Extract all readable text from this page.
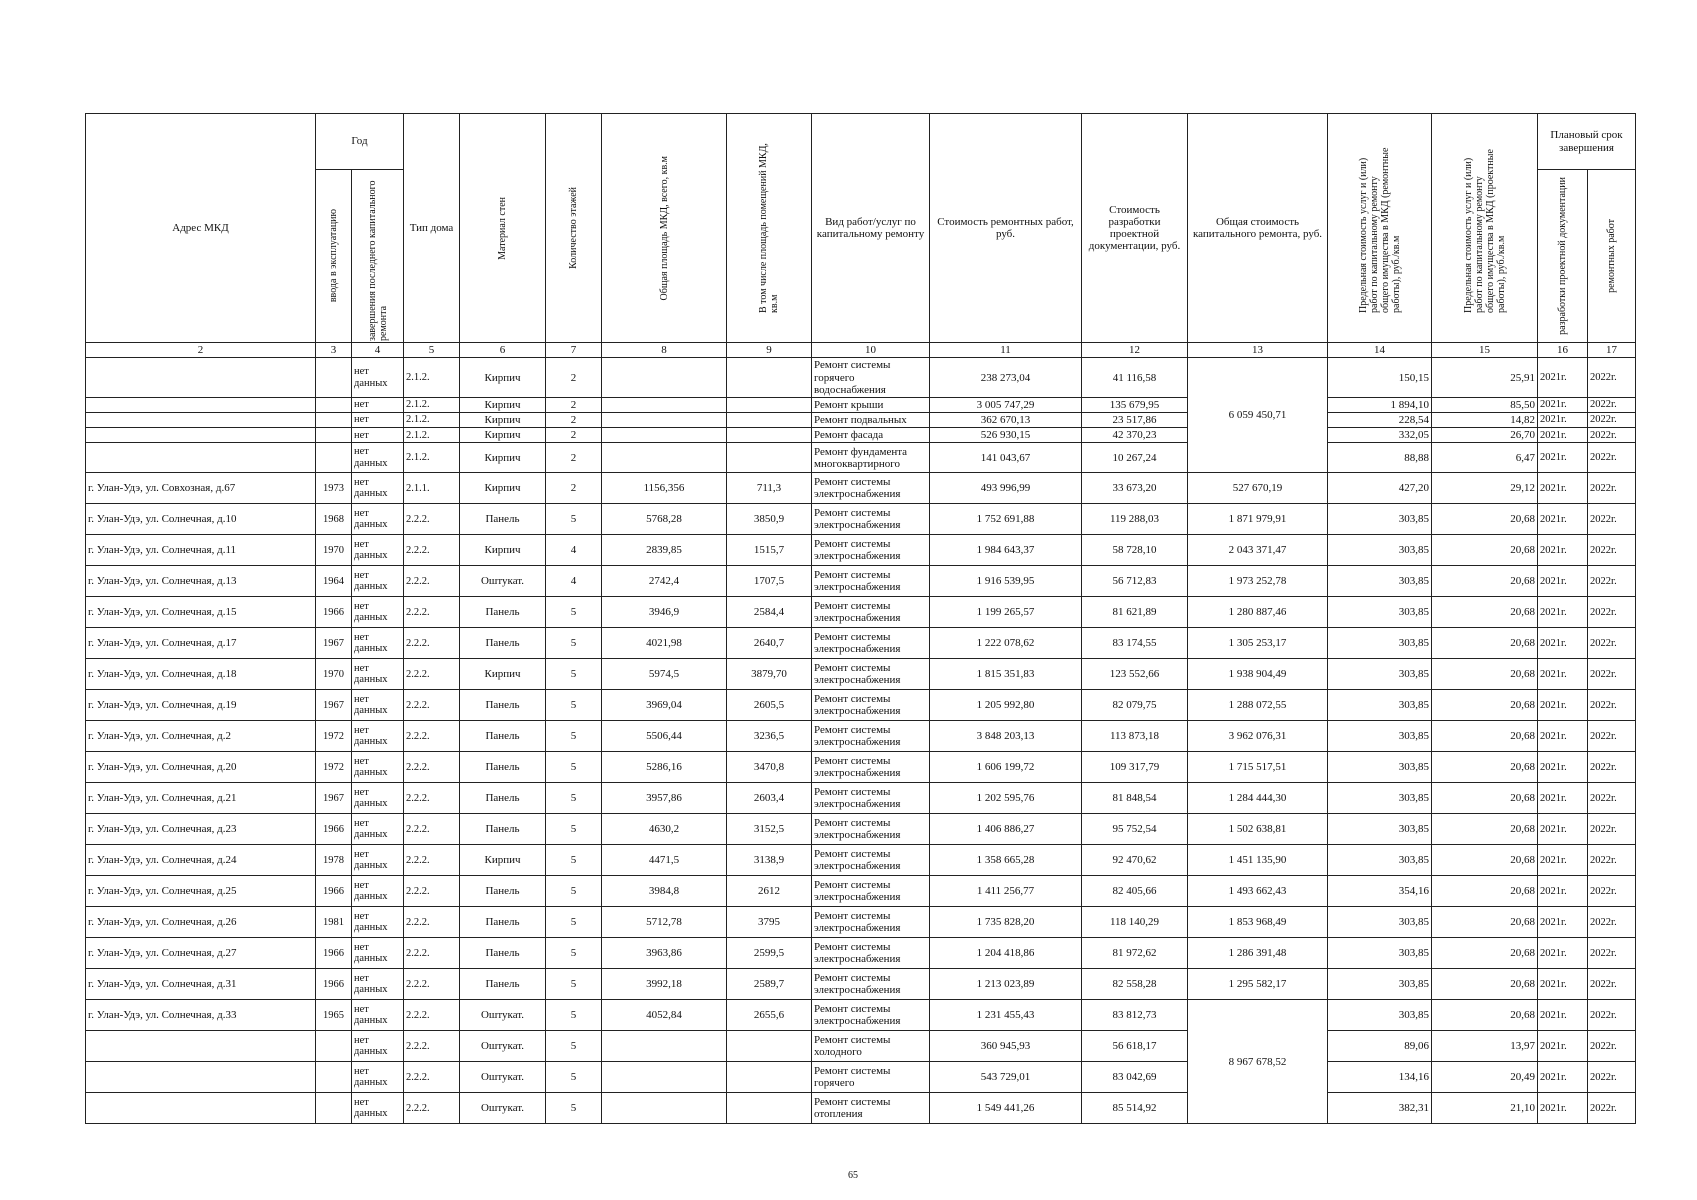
Адрес МКД	Год		Тип дома	Материал стен	Количество этажей	Общая площадь МКД, всего, кв.м	В том числе площадь помещений МКД, кв.м	Вид работ/услуг по капитальному ремонту	Стоимость ремонтных работ, руб.	Стоимость разработки проектной документации, руб.	Общая стоимость капитального ремонта, руб.	Предельная стоимость услуг и (или) работ по капитальному ремонту общего имущества в МКД (ремонтные работы), руб./кв.м	Предельная стоимость услуг и (или) работ по капитальному ремонту общего имущества в МКД (проектные работы), руб./кв.м	Плановый срок завершения	

	ввода в эксплуатацию	завершения последнего капитального ремонта												разработки проектной документации	ремонтных работ

2	3	4	5	6	7	8	9	10	11	12	13	14	15	16	17
		нет данных	2.1.2.	Кирпич	2			Ремонт системы горячего водоснабжения	238 273,04	41 116,58	6 059 450,71	150,15	25,91	2021г.	2022г.
		нет	2.1.2.	Кирпич	2			Ремонт крыши	3 005 747,29	135 679,95		1 894,10	85,50	2021г.	2022г.
		нет	2.1.2.	Кирпич	2			Ремонт подвальных	362 670,13	23 517,86		228,54	14,82	2021г.	2022г.
		нет	2.1.2.	Кирпич	2			Ремонт фасада	526 930,15	42 370,23		332,05	26,70	2021г.	2022г.
		нет данных	2.1.2.	Кирпич	2			Ремонт фундамента многоквартирного	141 043,67	10 267,24		88,88	6,47	2021г.	2022г.
г. Улан-Удэ, ул. Совхозная, д.67	1973	нет данных	2.1.1.	Кирпич	2	1156,356	711,3	Ремонт системы электроснабжения	493 996,99	33 673,20	527 670,19	427,20	29,12	2021г.	2022г.
г. Улан-Удэ, ул. Солнечная, д.10	1968	нет данных	2.2.2.	Панель	5	5768,28	3850,9	Ремонт системы электроснабжения	1 752 691,88	119 288,03	1 871 979,91	303,85	20,68	2021г.	2022г.
г. Улан-Удэ, ул. Солнечная, д.11	1970	нет данных	2.2.2.	Кирпич	4	2839,85	1515,7	Ремонт системы электроснабжения	1 984 643,37	58 728,10	2 043 371,47	303,85	20,68	2021г.	2022г.
г. Улан-Удэ, ул. Солнечная, д.13	1964	нет данных	2.2.2.	Оштукат.	4	2742,4	1707,5	Ремонт системы электроснабжения	1 916 539,95	56 712,83	1 973 252,78	303,85	20,68	2021г.	2022г.
г. Улан-Удэ, ул. Солнечная, д.15	1966	нет данных	2.2.2.	Панель	5	3946,9	2584,4	Ремонт системы электроснабжения	1 199 265,57	81 621,89	1 280 887,46	303,85	20,68	2021г.	2022г.
г. Улан-Удэ, ул. Солнечная, д.17	1967	нет данных	2.2.2.	Панель	5	4021,98	2640,7	Ремонт системы электроснабжения	1 222 078,62	83 174,55	1 305 253,17	303,85	20,68	2021г.	2022г.
г. Улан-Удэ, ул. Солнечная, д.18	1970	нет данных	2.2.2.	Кирпич	5	5974,5	3879,70	Ремонт системы электроснабжения	1 815 351,83	123 552,66	1 938 904,49	303,85	20,68	2021г.	2022г.
г. Улан-Удэ, ул. Солнечная, д.19	1967	нет данных	2.2.2.	Панель	5	3969,04	2605,5	Ремонт системы электроснабжения	1 205 992,80	82 079,75	1 288 072,55	303,85	20,68	2021г.	2022г.
г. Улан-Удэ, ул. Солнечная, д.2	1972	нет данных	2.2.2.	Панель	5	5506,44	3236,5	Ремонт системы электроснабжения	3 848 203,13	113 873,18	3 962 076,31	303,85	20,68	2021г.	2022г.
г. Улан-Удэ, ул. Солнечная, д.20	1972	нет данных	2.2.2.	Панель	5	5286,16	3470,8	Ремонт системы электроснабжения	1 606 199,72	109 317,79	1 715 517,51	303,85	20,68	2021г.	2022г.
г. Улан-Удэ, ул. Солнечная, д.21	1967	нет данных	2.2.2.	Панель	5	3957,86	2603,4	Ремонт системы электроснабжения	1 202 595,76	81 848,54	1 284 444,30	303,85	20,68	2021г.	2022г.
г. Улан-Удэ, ул. Солнечная, д.23	1966	нет данных	2.2.2.	Панель	5	4630,2	3152,5	Ремонт системы электроснабжения	1 406 886,27	95 752,54	1 502 638,81	303,85	20,68	2021г.	2022г.
г. Улан-Удэ, ул. Солнечная, д.24	1978	нет данных	2.2.2.	Кирпич	5	4471,5	3138,9	Ремонт системы электроснабжения	1 358 665,28	92 470,62	1 451 135,90	303,85	20,68	2021г.	2022г.
г. Улан-Удэ, ул. Солнечная, д.25	1966	нет данных	2.2.2.	Панель	5	3984,8	2612	Ремонт системы электроснабжения	1 411 256,77	82 405,66	1 493 662,43	354,16	20,68	2021г.	2022г.
г. Улан-Удэ, ул. Солнечная, д.26	1981	нет данных	2.2.2.	Панель	5	5712,78	3795	Ремонт системы электроснабжения	1 735 828,20	118 140,29	1 853 968,49	303,85	20,68	2021г.	2022г.
г. Улан-Удэ, ул. Солнечная, д.27	1966	нет данных	2.2.2.	Панель	5	3963,86	2599,5	Ремонт системы электроснабжения	1 204 418,86	81 972,62	1 286 391,48	303,85	20,68	2021г.	2022г.
г. Улан-Удэ, ул. Солнечная, д.31	1966	нет данных	2.2.2.	Панель	5	3992,18	2589,7	Ремонт системы электроснабжения	1 213 023,89	82 558,28	1 295 582,17	303,85	20,68	2021г.	2022г.
г. Улан-Удэ, ул. Солнечная, д.33	1965	нет данных	2.2.2.	Оштукат.	5	4052,84	2655,6	Ремонт системы электроснабжения	1 231 455,43	83 812,73	8 967 678,52	303,85	20,68	2021г.	2022г.
		нет данных	2.2.2.	Оштукат.	5			Ремонт системы холодного	360 945,93	56 618,17		89,06	13,97	2021г.	2022г.
		нет данных	2.2.2.	Оштукат.	5			Ремонт системы горячего	543 729,01	83 042,69		134,16	20,49	2021г.	2022г.
		нет данных	2.2.2.	Оштукат.	5			Ремонт системы отопления	1 549 441,26	85 514,92		382,31	21,10	2021г.	2022г.
65
